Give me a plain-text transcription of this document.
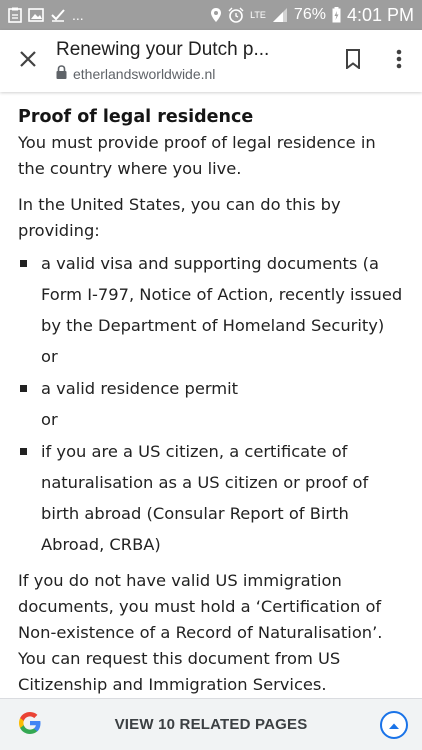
...	LTE 76% 4:01 PM
Renewing your Dutch p...
etherlandsworldwide.nl
Proof of legal residence

You must provide proof of legal residence in the country where you live.

In the United States, you can do this by providing:

a valid visa and supporting documents (a Form I-797, Notice of Action, recently issued by the Department of Homeland Security)
or
a valid residence permit
or
if you are a US citizen, a certificate of naturalisation as a US citizen or proof of birth abroad (Consular Report of Birth Abroad, CRBA)

If you do not have valid US immigration documents, you must hold a ‘Certification of Non-existence of a Record of Naturalisation’. You can request this document from US Citizenship and Immigration Services.

VIEW 10 RELATED PAGES
